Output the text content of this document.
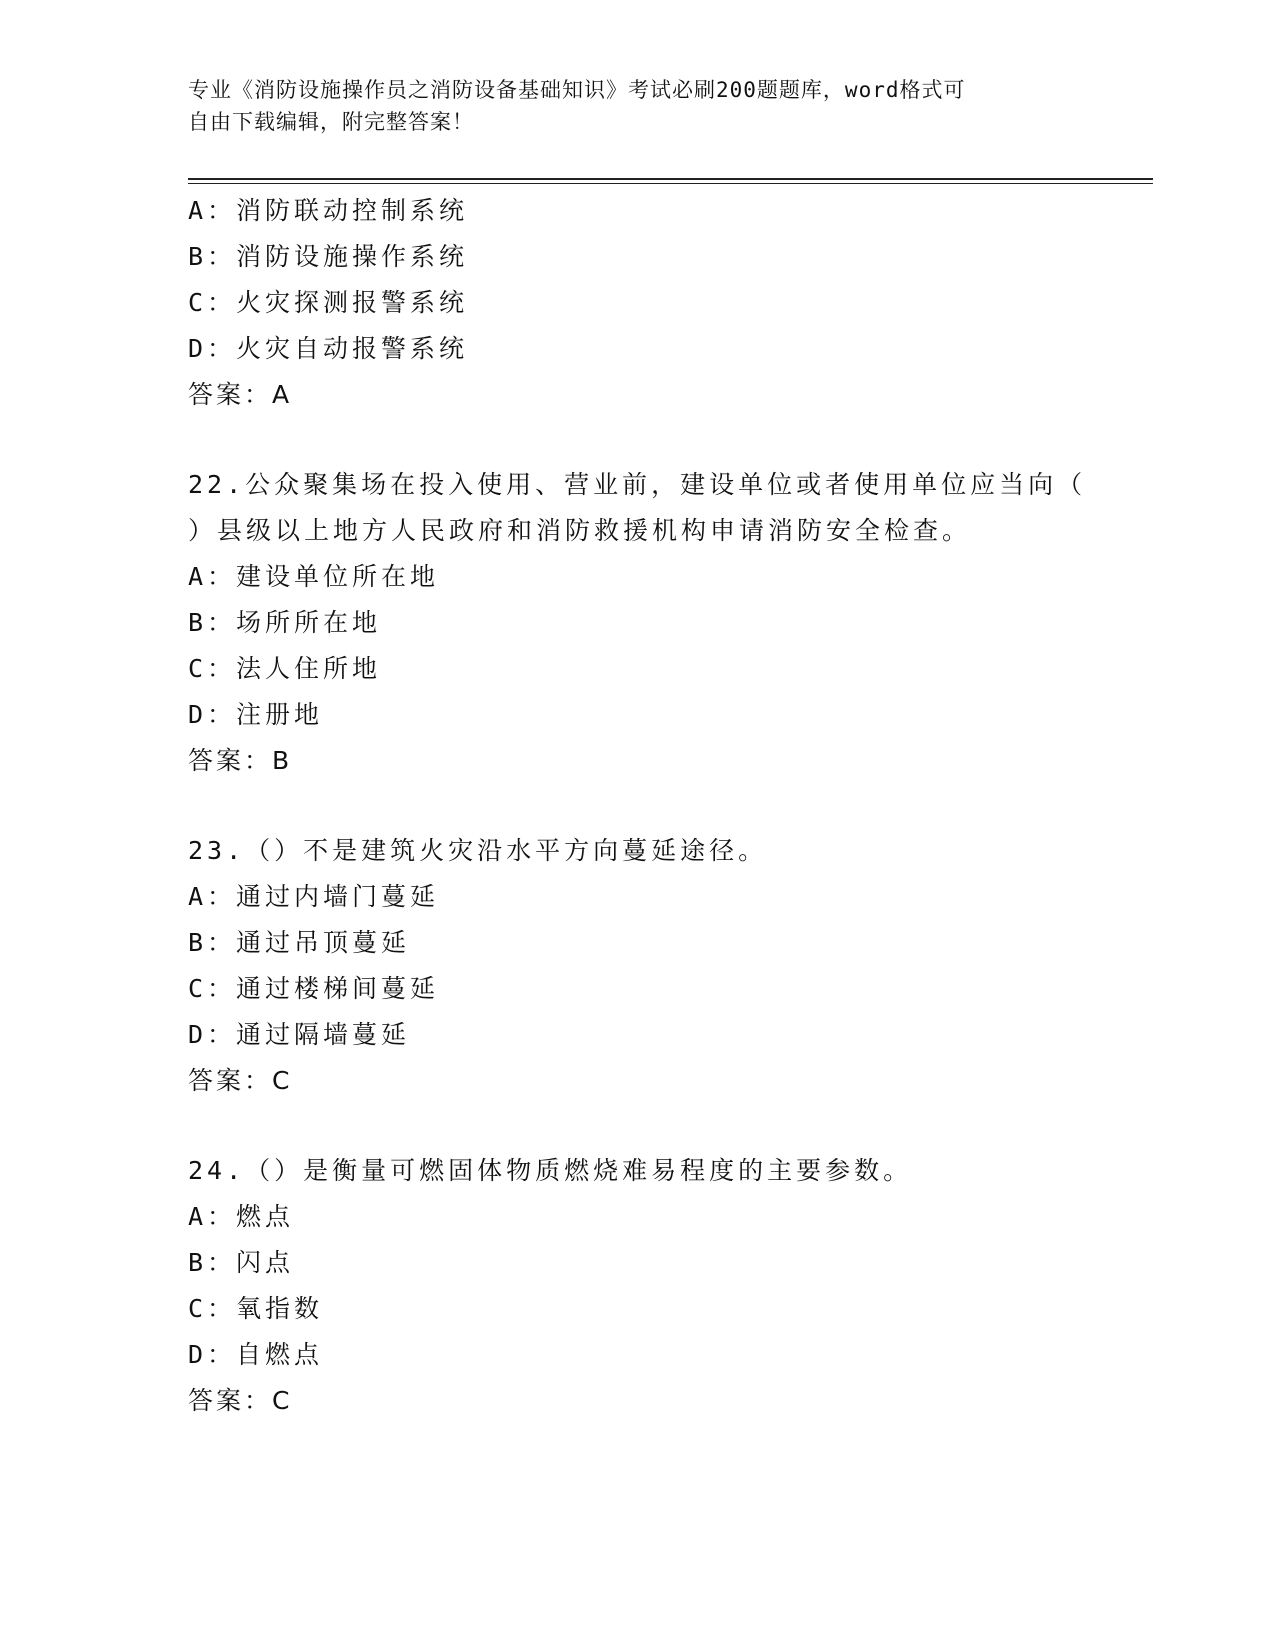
专业《消防设施操作员之消防设备基础知识》考试必刷200题题库，word格式可
自由下载编辑，附完整答案！
A：消防联动控制系统
B：消防设施操作系统
C：火灾探测报警系统
D：火灾自动报警系统
答案：A
22.公众聚集场在投入使用、营业前，建设单位或者使用单位应当向（
）县级以上地方人民政府和消防救援机构申请消防安全检查。
A：建设单位所在地
B：场所所在地
C：法人住所地
D：注册地
答案：B
23.（）不是建筑火灾沿水平方向蔓延途径。
A：通过内墙门蔓延
B：通过吊顶蔓延
C：通过楼梯间蔓延
D：通过隔墙蔓延
答案：C
24.（）是衡量可燃固体物质燃烧难易程度的主要参数。
A：燃点
B：闪点
C：氧指数
D：自燃点
答案：C
